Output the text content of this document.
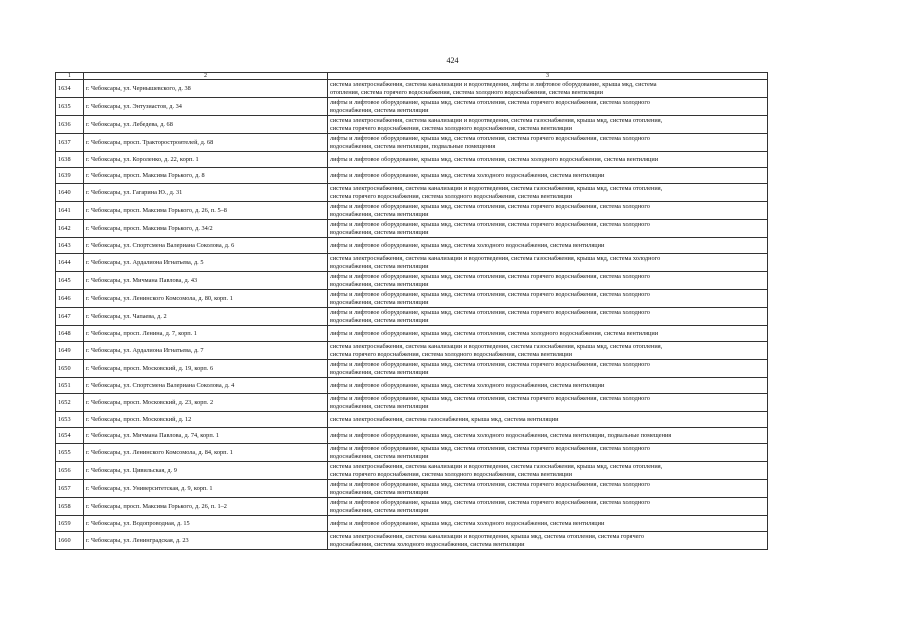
424
1	2	3
1634	г. Чебоксары, ул. Чернышевского, д. 38	система электроснабжения, система канализации и водоотведения, лифты и лифтовое оборудование, крыша мкд, система
отопления, система горячего водоснабжения, система холодного водоснабжения, система вентиляции

1635	г. Чебоксары, ул. Энтузиастов, д. 34	лифты и лифтовое оборудование, крыша мкд, система отопления, система горячего водоснабжения, система холодного
водоснабжения, система вентиляции

1636	г. Чебоксары, ул. Лебедева, д. 68	система электроснабжения, система канализации и водоотведения, система газоснабжения, крыша мкд, система отопления,
система горячего водоснабжения, система холодного водоснабжения, система вентиляции

1637	г. Чебоксары, просп. Тракторостроителей, д. 68	лифты и лифтовое оборудование, крыша мкд, система отопления, система горячего водоснабжения, система холодного
водоснабжения, система вентиляции, подвальные помещения

1638	г. Чебоксары, ул. Короленко, д. 22, корп. 1	лифты и лифтовое оборудование, крыша мкд, система отопления, система холодного водоснабжения, система вентиляции

1639	г. Чебоксары, просп. Максима Горького, д. 8	лифты и лифтовое оборудование, крыша мкд, система холодного водоснабжения, система вентиляции

1640	г. Чебоксары, ул. Гагарина Ю., д. 31	система электроснабжения, система канализации и водоотведения, система газоснабжения, крыша мкд, система отопления,
система горячего водоснабжения, система холодного водоснабжения, система вентиляции

1641	г. Чебоксары, просп. Максима Горького, д. 26, п. 5–8	лифты и лифтовое оборудование, крыша мкд, система отопления, система горячего водоснабжения, система холодного
водоснабжения, система вентиляции

1642	г. Чебоксары, просп. Максима Горького, д. 34/2	лифты и лифтовое оборудование, крыша мкд, система отопления, система горячего водоснабжения, система холодного
водоснабжения, система вентиляции

1643	г. Чебоксары, ул. Спортсмена Валериана Соколова, д. 6	лифты и лифтовое оборудование, крыша мкд, система холодного водоснабжения, система вентиляции

1644	г. Чебоксары, ул. Ардалиона Игнатьева, д. 5	система электроснабжения, система канализации и водоотведения, система газоснабжения, крыша мкд, система холодного
водоснабжения, система вентиляции

1645	г. Чебоксары, ул. Мичмана Павлова, д. 43	лифты и лифтовое оборудование, крыша мкд, система отопления, система горячего водоснабжения, система холодного
водоснабжения, система вентиляции

1646	г. Чебоксары, ул. Ленинского Комсомола, д. 80, корп. 1	лифты и лифтовое оборудование, крыша мкд, система отопления, система горячего водоснабжения, система холодного
водоснабжения, система вентиляции

1647	г. Чебоксары, ул. Чапаева, д. 2	лифты и лифтовое оборудование, крыша мкд, система отопления, система горячего водоснабжения, система холодного
водоснабжения, система вентиляции

1648	г. Чебоксары, просп. Ленина, д. 7, корп. 1	лифты и лифтовое оборудование, крыша мкд, система отопления, система холодного водоснабжения, система вентиляции

1649	г. Чебоксары, ул. Ардалиона Игнатьева, д. 7	система электроснабжения, система канализации и водоотведения, система газоснабжения, крыша мкд, система отопления,
система горячего водоснабжения, система холодного водоснабжения, система вентиляции

1650	г. Чебоксары, просп. Московский, д. 19, корп. 6	лифты и лифтовое оборудование, крыша мкд, система отопления, система горячего водоснабжения, система холодного
водоснабжения, система вентиляции

1651	г. Чебоксары, ул. Спортсмена Валериана Соколова, д. 4	лифты и лифтовое оборудование, крыша мкд, система холодного водоснабжения, система вентиляции

1652	г. Чебоксары, просп. Московский, д. 23, корп. 2	лифты и лифтовое оборудование, крыша мкд, система отопления, система горячего водоснабжения, система холодного
водоснабжения, система вентиляции

1653	г. Чебоксары, просп. Московский, д. 12	система электроснабжения, система газоснабжения, крыша мкд, система вентиляции

1654	г. Чебоксары, ул. Мичмана Павлова, д. 74, корп. 1	лифты и лифтовое оборудование, крыша мкд, система холодного водоснабжения, система вентиляции, подвальные помещения

1655	г. Чебоксары, ул. Ленинского Комсомола, д. 84, корп. 1	лифты и лифтовое оборудование, крыша мкд, система отопления, система горячего водоснабжения, система холодного
водоснабжения, система вентиляции

1656	г. Чебоксары, ул. Цивильская, д. 9	система электроснабжения, система канализации и водоотведения, система газоснабжения, крыша мкд, система отопления,
система горячего водоснабжения, система холодного водоснабжения, система вентиляции

1657	г. Чебоксары, ул. Университетская, д. 9, корп. 1	лифты и лифтовое оборудование, крыша мкд, система отопления, система горячего водоснабжения, система холодного
водоснабжения, система вентиляции

1658	г. Чебоксары, просп. Максима Горького, д. 26, п. 1–2	лифты и лифтовое оборудование, крыша мкд, система отопления, система горячего водоснабжения, система холодного
водоснабжения, система вентиляции

1659	г. Чебоксары, ул. Водопроводная, д. 15	лифты и лифтовое оборудование, крыша мкд, система холодного водоснабжения, система вентиляции

1660	г. Чебоксары, ул. Ленинградская, д. 23	система электроснабжения, система канализации и водоотведения, крыша мкд, система отопления, система горячего
водоснабжения, система холодного водоснабжения, система вентиляции
